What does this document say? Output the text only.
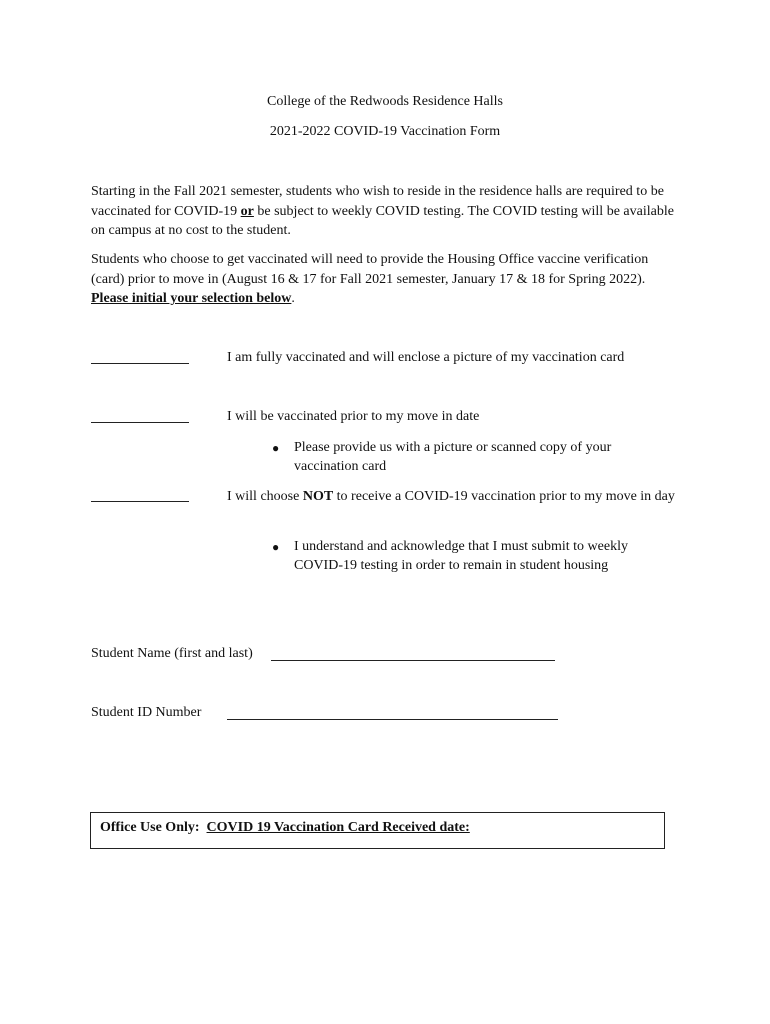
College of the Redwoods Residence Halls
2021-2022 COVID-19 Vaccination Form
Starting in the Fall 2021 semester, students who wish to reside in the residence halls are required to be vaccinated for COVID-19 or be subject to weekly COVID testing. The COVID testing will be available on campus at no cost to the student.
Students who choose to get vaccinated will need to provide the Housing Office vaccine verification (card) prior to move in (August 16 & 17 for Fall 2021 semester, January 17 & 18 for Spring 2022). Please initial your selection below.
I am fully vaccinated and will enclose a picture of my vaccination card
I will be vaccinated prior to my move in date
● Please provide us with a picture or scanned copy of your vaccination card
I will choose NOT to receive a COVID-19 vaccination prior to my move in day
● I understand and acknowledge that I must submit to weekly COVID-19 testing in order to remain in student housing
Student Name (first and last)
Student ID Number
Office Use Only: COVID 19 Vaccination Card Received date:
